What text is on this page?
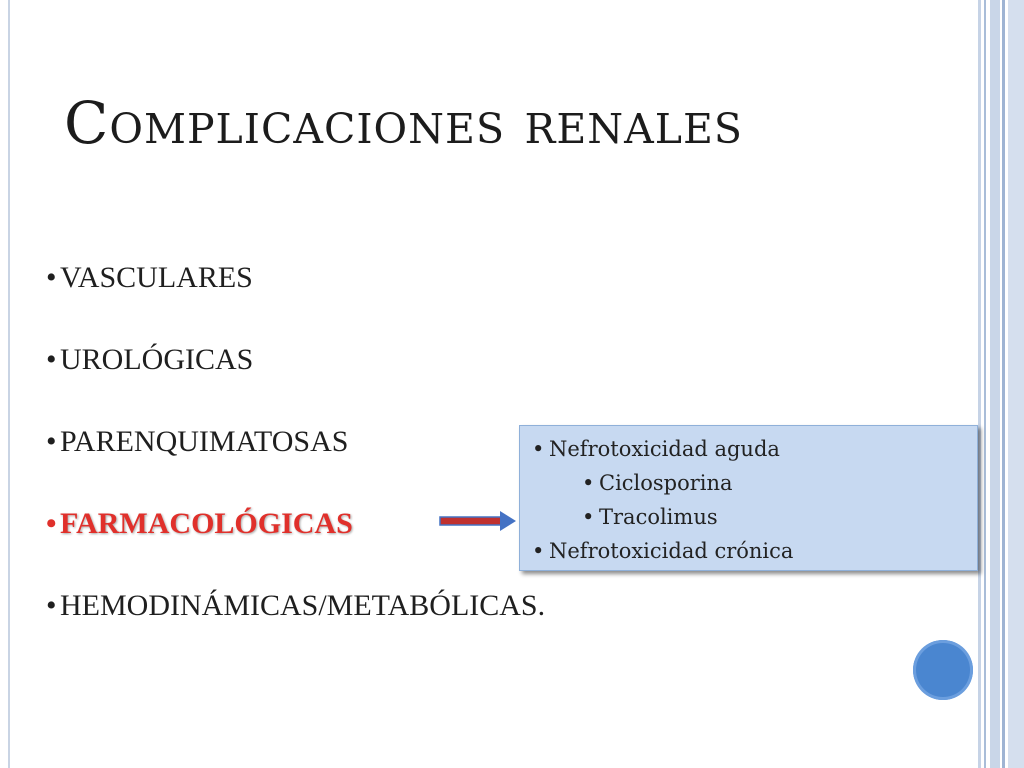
Complicaciones renales
• VASCULARES
• UROLÓGICAS
• PARENQUIMATOSAS
• FARMACOLÓGICAS
• HEMODINÁMICAS/METABÓLICAS.
• Nefrotoxicidad aguda
• Ciclosporina
• Tracolimus
• Nefrotoxicidad crónica
